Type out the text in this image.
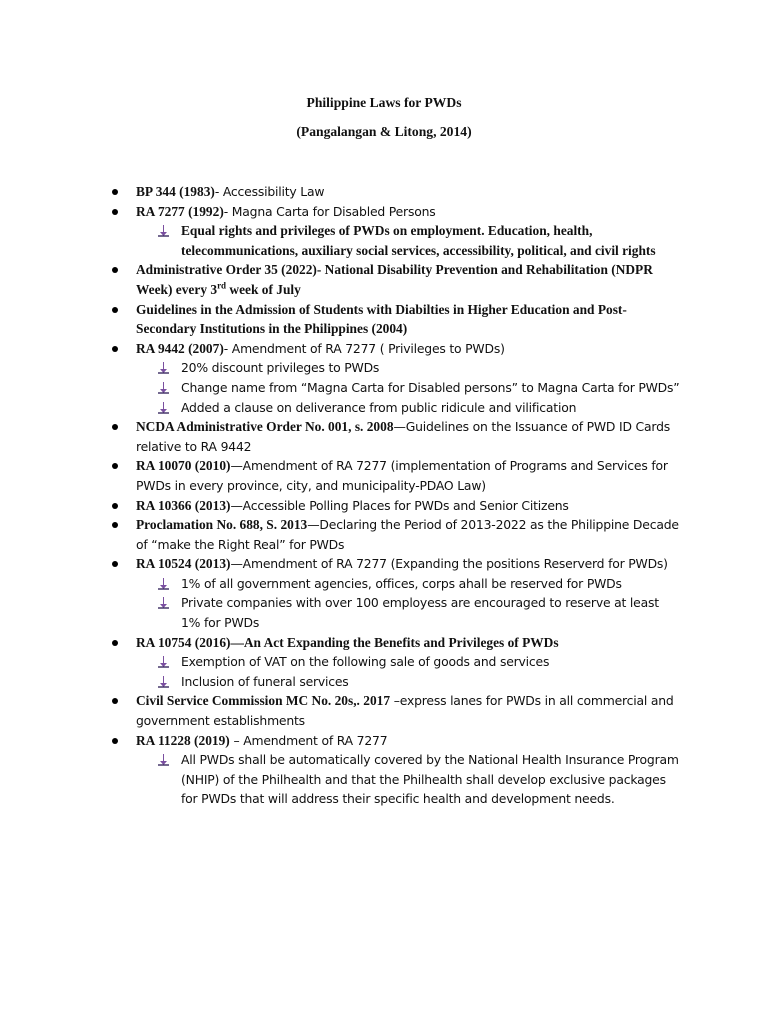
Philippine Laws for PWDs
(Pangalangan & Litong, 2014)
BP 344 (1983)- Accessibility Law
RA 7277 (1992)- Magna Carta for Disabled Persons
Equal rights and privileges of PWDs on employment. Education, health, telecommunications, auxiliary social services, accessibility, political, and civil rights
Administrative Order 35 (2022)- National Disability Prevention and Rehabilitation (NDPR Week) every 3rd week of July
Guidelines in the Admission of Students with Diabilties in Higher Education and Post-Secondary Institutions in the Philippines (2004)
RA 9442 (2007)- Amendment of RA 7277 ( Privileges to PWDs)
20% discount privileges to PWDs
Change name from “Magna Carta for Disabled persons” to Magna Carta for PWDs”
Added a clause on deliverance from public ridicule and vilification
NCDA Administrative Order No. 001, s. 2008—Guidelines on the Issuance of PWD ID Cards relative to RA 9442
RA 10070 (2010)—Amendment of RA 7277 (implementation of Programs and Services for PWDs in every province, city, and municipality-PDAO Law)
RA 10366 (2013)—Accessible Polling Places for PWDs and Senior Citizens
Proclamation No. 688, S. 2013—Declaring the Period of 2013-2022 as the Philippine Decade of “make the Right Real” for PWDs
RA 10524 (2013)—Amendment of RA 7277 (Expanding the positions Reserverd for PWDs)
1% of all government agencies, offices, corps ahall be reserved for PWDs
Private companies with over 100 employess are encouraged to reserve at least 1% for PWDs
RA 10754 (2016)—An Act Expanding the Benefits and Privileges of PWDs
Exemption of VAT on the following sale of goods and services
Inclusion of funeral services
Civil Service Commission MC No. 20s,. 2017 –express lanes for PWDs in all commercial and government establishments
RA 11228 (2019) – Amendment of RA 7277
All PWDs shall be automatically covered by the National Health Insurance Program (NHIP) of the Philhealth and that the Philhealth shall develop exclusive packages for PWDs that will address their specific health and development needs.
